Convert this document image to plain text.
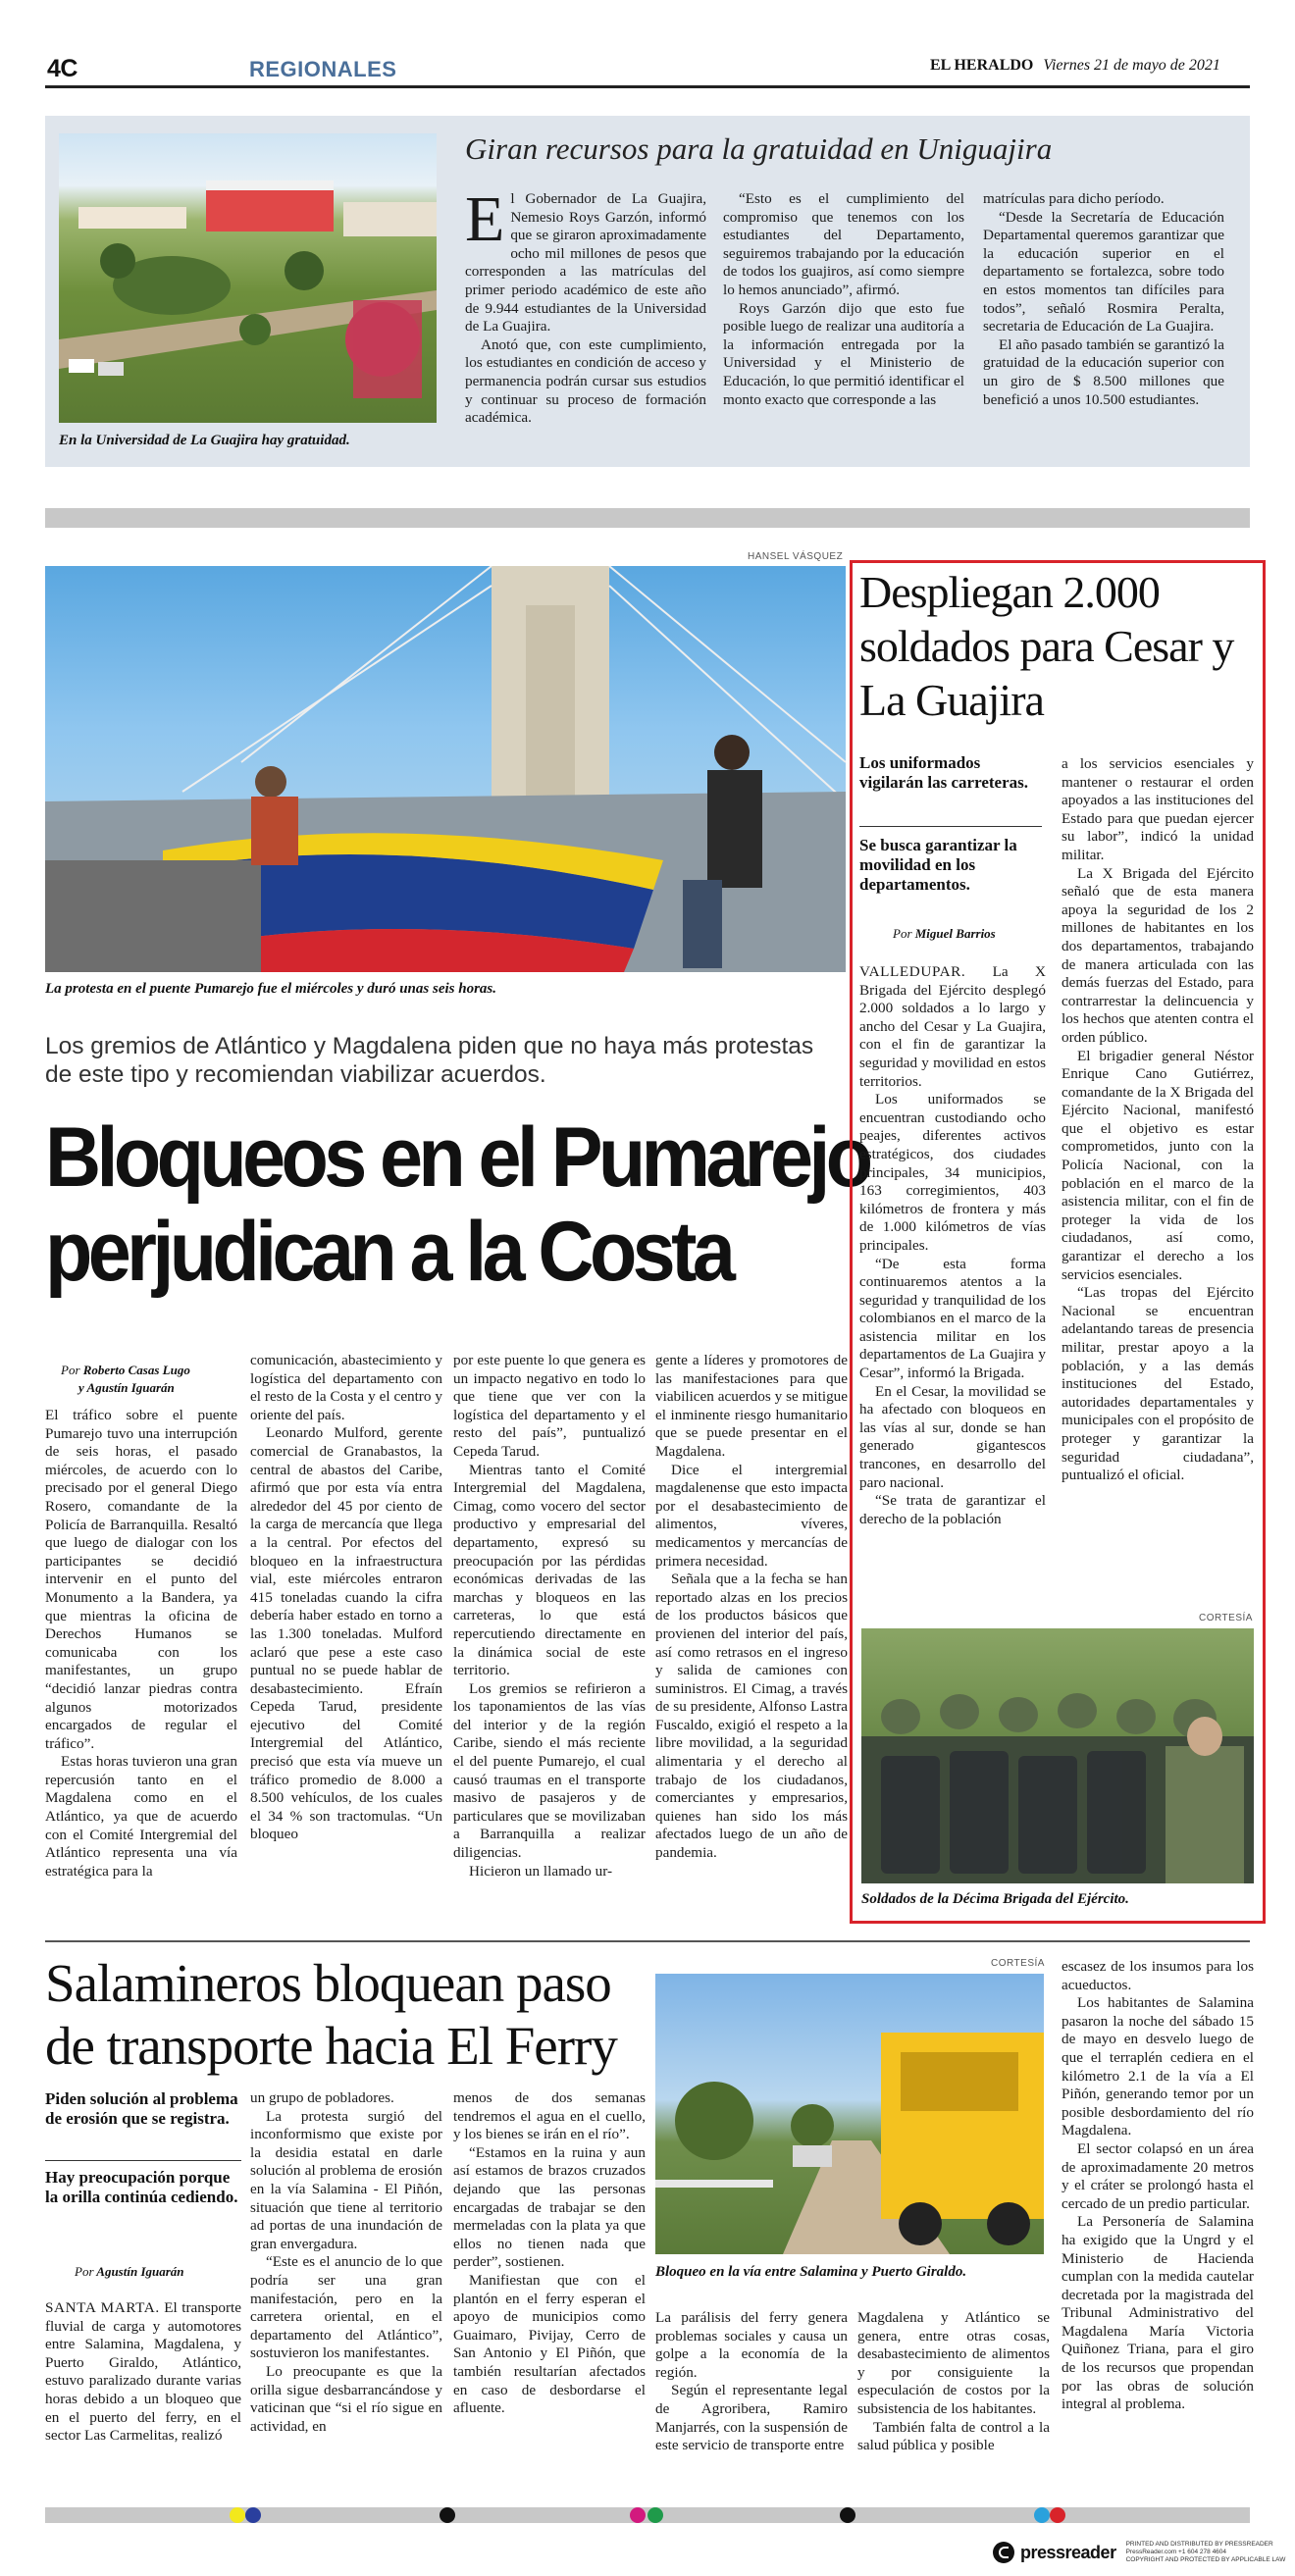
4C	REGIONALES	EL HERALDO Viernes 21 de mayo de 2021
En la Universidad de La Guajira hay gratuidad.
Giran recursos para la gratuidad en Uniguajira
E l Gobernador de La Guajira, Nemesio Roys Garzón, informó que se giraron aproximadamente ocho mil millones de pesos que corresponden a las matrículas del primer periodo académico de este año de 9.944 estudiantes de la Universidad de La Guajira.

Anotó que, con este cumplimiento, los estudiantes en condición de acceso y permanencia podrán cursar sus estudios y continuar su proceso de formación académica.

“Esto es el cumplimiento del compromiso que tenemos con los estudiantes del Departamento, seguiremos trabajando por la educación de todos los guajiros, así como siempre lo hemos anunciado”, afirmó.

Roys Garzón dijo que esto fue posible luego de realizar una auditoría a la información entregada por la Universidad y el Ministerio de Educación, lo que permitió identificar el monto exacto que corresponde a las

matrículas para dicho período.

“Desde la Secretaría de Educación Departamental queremos garantizar que la educación superior en el departamento se fortalezca, sobre todo en estos momentos tan difíciles para todos”, señaló Rosmira Peralta, secretaria de Educación de La Guajira.

El año pasado también se garantizó la gratuidad de la educación superior con un giro de $ 8.500 millones que benefició a unos 10.500 estudiantes.

HANSEL VÁSQUEZ
La protesta en el puente Pumarejo fue el miércoles y duró unas seis horas.
Los gremios de Atlántico y Magdalena piden que no haya más protestas de este tipo y recomiendan viabilizar acuerdos.
Bloqueos en el Pumarejo
perjudican a la Costa
Por Roberto Casas Lugo
y Agustín Iguarán

El tráfico sobre el puente Pumarejo tuvo una interrupción de seis horas, el pasado miércoles, de acuerdo con lo precisado por el general Diego Rosero, comandante de la Policía de Barranquilla. Resaltó que luego de dialogar con los participantes se decidió intervenir en el punto del Monumento a la Bandera, ya que mientras la oficina de Derechos Humanos se comunicaba con los manifestantes, un grupo “decidió lanzar piedras contra algunos motorizados encargados de regular el tráfico”.

Estas horas tuvieron una gran repercusión tanto en el Magdalena como en el Atlántico, ya que de acuerdo con el Comité Intergremial del Atlántico representa una vía estratégica para la

comunicación, abastecimiento y logística del departamento con el resto de la Costa y el centro y oriente del país.

Leonardo Mulford, gerente comercial de Granabastos, la central de abastos del Caribe, afirmó que por esta vía entra alrededor del 45 por ciento de la carga de mercancía que llega a la central. Por efectos del bloqueo en la infraestructura vial, este miércoles entraron 415 toneladas cuando la cifra debería haber estado en torno a las 1.300 toneladas. Mulford aclaró que pese a este caso puntual no se puede hablar de desabastecimiento. Efraín Cepeda Tarud, presidente ejecutivo del Comité Intergremial del Atlántico, precisó que esta vía mueve un tráfico promedio de 8.000 a 8.500 vehículos, de los cuales el 34 % son tractomulas. “Un bloqueo

por este puente lo que genera es un impacto negativo en todo lo que tiene que ver con la logística del departamento y el resto del país”, puntualizó Cepeda Tarud.

Mientras tanto el Comité Intergremial del Magdalena, Cimag, como vocero del sector productivo y empresarial del departamento, expresó su preocupación por las pérdidas económicas derivadas de las marchas y bloqueos en las carreteras, lo que está repercutiendo directamente en la dinámica social de este territorio.

Los gremios se refirieron a los taponamientos de las vías del interior y de la región Caribe, siendo el más reciente el del puente Pumarejo, el cual causó traumas en el transporte masivo de pasajeros y de particulares que se movilizaban a Barranquilla a realizar diligencias.

Hicieron un llamado ur-

gente a líderes y promotores de las manifestaciones para que viabilicen acuerdos y se mitigue el inminente riesgo humanitario que se puede presentar en el Magdalena.

Dice el intergremial magdalenense que esto impacta por el desabastecimiento de alimentos, víveres, medicamentos y mercancías de primera necesidad.

Señala que a la fecha se han reportado alzas en los precios de los productos básicos que provienen del interior del país, así como retrasos en el ingreso y salida de camiones con suministros. El Cimag, a través de su presidente, Alfonso Lastra Fuscaldo, exigió el respeto a la libre movilidad, a la seguridad alimentaria y el derecho al trabajo de los ciudadanos, comerciantes y empresarios, quienes han sido los más afectados luego de un año de pandemia.

Despliegan 2.000 soldados para Cesar y La Guajira
Los uniformados vigilarán las carreteras.
Se busca garantizar la movilidad en los departamentos.
Por Miguel Barrios

VALLEDUPAR. La X Brigada del Ejército desplegó 2.000 soldados a lo largo y ancho del Cesar y La Guajira, con el fin de garantizar la seguridad y movilidad en estos territorios.

Los uniformados se encuentran custodiando ocho peajes, diferentes activos estratégicos, dos ciudades principales, 34 municipios, 163 corregimientos, 403 kilómetros de frontera y más de 1.000 kilómetros de vías principales.

“De esta forma continuaremos atentos a la seguridad y tranquilidad de los colombianos en el marco de la asistencia militar en los departamentos de La Guajira y Cesar”, informó la Brigada.

En el Cesar, la movilidad se ha afectado con bloqueos en las vías al sur, donde se han generado gigantescos trancones, en desarrollo del paro nacional.

“Se trata de garantizar el derecho de la población

a los servicios esenciales y mantener o restaurar el orden apoyados a las instituciones del Estado para que puedan ejercer su labor”, indicó la unidad militar.

La X Brigada del Ejército señaló que de esta manera apoya la seguridad de los 2 millones de habitantes en los dos departamentos, trabajando de manera articulada con las demás fuerzas del Estado, para contrarrestar la delincuencia y los hechos que atenten contra el orden público.

El brigadier general Néstor Enrique Cano Gutiérrez, comandante de la X Brigada del Ejército Nacional, manifestó que el objetivo es estar comprometidos, junto con la Policía Nacional, con la población en el marco de la asistencia militar, con el fin de proteger la vida de los ciudadanos, así como, garantizar el derecho a los servicios esenciales.

“Las tropas del Ejército Nacional se encuentran adelantando tareas de presencia militar, prestar apoyo a la población, y a las demás instituciones del Estado, autoridades departamentales y municipales con el propósito de proteger y garantizar la seguridad ciudadana”, puntualizó el oficial.

CORTESÍA
Soldados de la Décima Brigada del Ejército.
Salamineros bloquean paso
de transporte hacia El Ferry
Piden solución al problema de erosión que se registra.
Hay preocupación porque la orilla continúa cediendo.
Por Agustín Iguarán

SANTA MARTA. El transporte fluvial de carga y automotores entre Salamina, Magdalena, y Puerto Giraldo, Atlántico, estuvo paralizado durante varias horas debido a un bloqueo que en el puerto del ferry, en el sector Las Carmelitas, realizó

un grupo de pobladores.

La protesta surgió del inconformismo que existe por la desidia estatal en darle solución al problema de erosión en la vía Salamina - El Piñón, situación que tiene al territorio ad portas de una inundación de gran envergadura.

“Este es el anuncio de lo que podría ser una gran manifestación, pero en la carretera oriental, en el departamento del Atlántico”, sostuvieron los manifestantes.

Lo preocupante es que la orilla sigue desbarrancándose y vaticinan que “si el río sigue en actividad, en

menos de dos semanas tendremos el agua en el cuello, y los bienes se irán en el río”.

“Estamos en la ruina y aun así estamos de brazos cruzados dejando que las personas encargadas de trabajar se den mermeladas con la plata ya que ellos no tienen nada que perder”, sostienen.

Manifiestan que con el plantón en el ferry esperan el apoyo de municipios como Guaimaro, Pivijay, Cerro de San Antonio y El Piñón, que también resultarían afectados en caso de desbordarse el afluente.

CORTESÍA
Bloqueo en la vía entre Salamina y Puerto Giraldo.

La parálisis del ferry genera problemas sociales y causa un golpe a la economía de la región.

Según el representante legal de Agroribera, Ramiro Manjarrés, con la suspensión de este servicio de transporte entre

Magdalena y Atlántico se genera, entre otras cosas, desabastecimiento de alimentos y por consiguiente la especulación de costos por la subsistencia de los habitantes.

También falta de control a la salud pública y posible

escasez de los insumos para los acueductos.

Los habitantes de Salamina pasaron la noche del sábado 15 de mayo en desvelo luego de que el terraplén cediera en el kilómetro 2.1 de la vía a El Piñón, generando temor por un posible desbordamiento del río Magdalena.

El sector colapsó en un área de aproximadamente 20 metros y el cráter se prolongó hasta el cercado de un predio particular.

La Personería de Salamina ha exigido que la Ungrd y el Ministerio de Hacienda cumplan con la medida cautelar decretada por la magistrada del Tribunal Administrativo del Magdalena María Victoria Quiñonez Triana, para el giro de los recursos que propendan por las obras de solución integral al problema.

pressreader PRINTED AND DISTRIBUTED BY PRESSREADER
PressReader.com +1 604 278 4604
COPYRIGHT AND PROTECTED BY APPLICABLE LAW
